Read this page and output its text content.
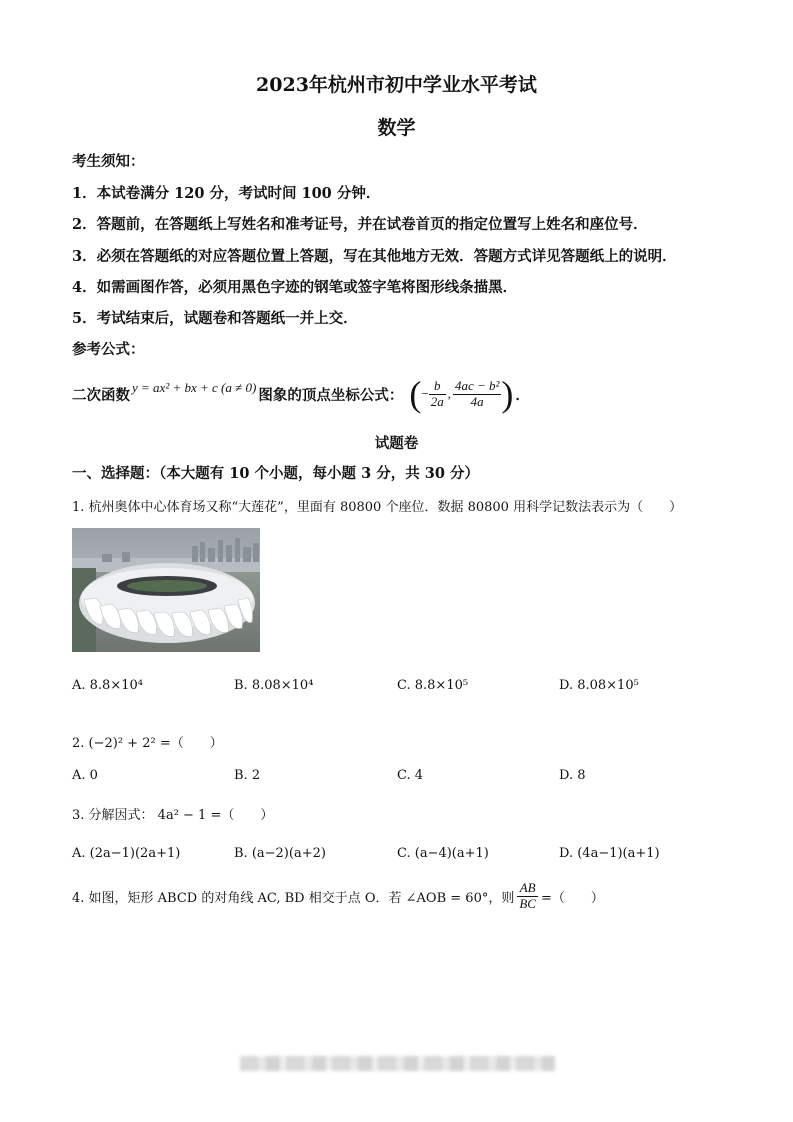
2023年杭州市初中学业水平考试
数学
考生须知：
1．本试卷满分 120 分，考试时间 100 分钟．
2．答题前，在答题纸上写姓名和准考证号，并在试卷首页的指定位置写上姓名和座位号．
3．必须在答题纸的对应答题位置上答题，写在其他地方无效．答题方式详见答题纸上的说明．
4．如需画图作答，必须用黑色字迹的钢笔或签字笔将图形线条描黑．
5．考试结束后，试题卷和答题纸一并上交．
参考公式：
二次函数 y = ax² + bx + c (a ≠ 0) 图象的顶点坐标公式： ( − $\frac{b}{2a}$ , $\frac{\text{4ac − b²}}{4a}$ ) ．
试题卷
一、选择题：（本大题有 10 个小题，每小题 3 分，共 30 分）
1. 杭州奥体中心体育场又称“大莲花”，里面有 80800 个座位．数据 80800 用科学记数法表示为（　　）
A. 8.8×10⁴	B. 8.08×10⁴	C. 8.8×10⁵	D. 8.08×10⁵
2. (−2)² + 2² =（　　）
A. 0	B. 2	C. 4	D. 8
3. 分解因式： 4a² − 1 =（　　）
A. (2a−1)(2a+1)	B. (a−2)(a+2)	C. (a−4)(a+1)	D. (4a−1)(a+1)
4. 如图，矩形 ABCD 的对角线 AC, BD 相交于点 O．若 ∠AOB = 60°，则 $\frac{AB}{BC}$ =（　　）
